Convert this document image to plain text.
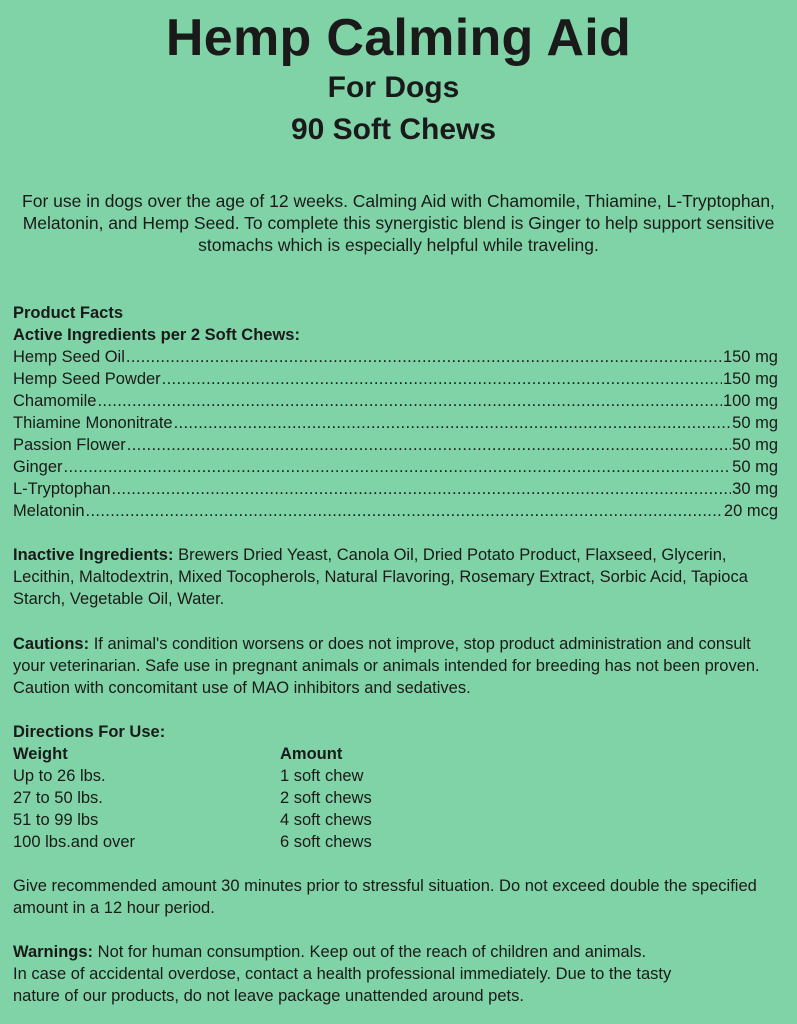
Hemp Calming Aid
For Dogs
90 Soft Chews
For use in dogs over the age of 12 weeks. Calming Aid with Chamomile, Thiamine, L-Tryptophan, Melatonin, and Hemp Seed. To complete this synergistic blend is Ginger to help support sensitive stomachs which is especially helpful while traveling.
Product Facts
Active Ingredients per 2 Soft Chews:
Hemp Seed Oil .....	150 mg
Hemp Seed Powder .....	150 mg
Chamomile .....	100 mg
Thiamine Mononitrate .....	50 mg
Passion Flower .....	50 mg
Ginger .....	50 mg
L-Tryptophan .....	30 mg
Melatonin .....	20 mcg
Inactive Ingredients: Brewers Dried Yeast, Canola Oil, Dried Potato Product, Flaxseed, Glycerin, Lecithin, Maltodextrin, Mixed Tocopherols, Natural Flavoring, Rosemary Extract, Sorbic Acid, Tapioca Starch, Vegetable Oil, Water.
Cautions: If animal's condition worsens or does not improve, stop product administration and consult your veterinarian. Safe use in pregnant animals or animals intended for breeding has not been proven. Caution with concomitant use of MAO inhibitors and sedatives.
Directions For Use:
Weight	Amount
Up to 26 lbs.	1 soft chew
27 to 50 lbs.	2 soft chews
51 to 99 lbs	4 soft chews
100 lbs.and over	6 soft chews
Give recommended amount 30 minutes prior to stressful situation. Do not exceed double the specified amount in a 12 hour period.
Warnings: Not for human consumption. Keep out of the reach of children and animals.
In case of accidental overdose, contact a health professional immediately. Due to the tasty
nature of our products, do not leave package unattended around pets.
